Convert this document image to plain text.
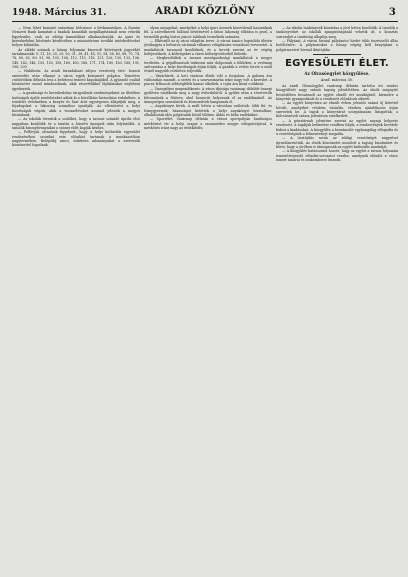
1948. Március 31.	ARADI KÖZLÖNY	3

— Nem lehet kamatot számítani kölcsönre a bérkamatokon. A Román Nemzeti Bank kamatait a bankok kamatláb megállapításánál nem vehetik figyelembe, csak az eddigi kamatlábat alkalmazhatják. Az ipari és kereskedelmi hitelezés kérdésében a minisztérium további intézkedéseket helyez kilátásba.

Az alábbi számok a hónap folyamán kisorsolt kötvények jegyzékét tartalmazzák: 9, 11, 16, 25, 29, 30, 31, 38, 41, 45, 51, 54, 56, 63, 68, 70, 74, 78, 80, 82, 89, 91, 96, 103, 108, 112, 115, 118, 121, 126, 130, 133, 136, 140, 142, 148, 150, 155, 158, 160, 163, 168, 171, 174, 180, 183, 188, 191, 196, 200.

— Halálozás. Az aradi társadalmat súlyos veszteség érte: hosszú szenvedés után elhunyt a város egyik közismert polgára. Temetése csütörtökön délután lesz a belvárosi temető kápolnájából. A gyászoló család köszönetet mond mindazoknak, akik részvétükkel fájdalmukat enyhíteni igyekeztek.

— A gazdasági és kereskedelmi tárgyalások eredményeként az illetékes hatóságok újabb rendeleteket adtak ki a közellátás biztosítása érdekében. A rendelet értelmében a kenyér és liszt árát egységesen állapítják meg, a fejadagokat a lakosság számához igazítják. Az ellenőrzést a helyi bizottságok végzik, akik a visszaéléseket azonnal jelentik a megyei hivatalnak.

— Az iskolák értesítik a szülőket, hogy a tavaszi szünidő április első napjaiban kezdődik és a tanítás a húsvéti ünnepek után folytatódik. A tanulók bizonyítványaikat a szünet előtt kapják kézhez.

— Felhívjuk olvasóink figyelmét, hogy a helyi kulturális egyesület rendezésében szombat este előadást tartanak a munkásotthon nagytermében. Belépődíj nincs, önkéntes adományokat a szervezők köszönettel fogadnak.

olyan anyagokat, amelyeket a helyi ipari üzemek közvetlenül használnak fel. A szövetkezeti hálózat bővítésével a falusi lakosság ellátása is javul, a termelők pedig biztos piacot találnak termékeik számára.

— Elkészült az új utcai világítás terve. A városi tanács legutóbbi ülésén jóváhagyta a belváros utcáinak villamos világítására vonatkozó tervezetet. A munkálatok tavasszal kezdődnek, és a tervek szerint az év végéig befejeződnek. A költségeket a város költségvetéséből fedezik.

— Megkezdődtek a tavaszi mezőgazdasági munkálatok a megye területén. A gépállomások traktorai már dolgoznak a földeken, a vetőmag szétosztása a helyi bizottságok útján folyik. A gazdák a vetési tervet a múlt évinél nagyobb területen teljesítik.

— Vásárhírek. A heti vásáron élénk volt a forgalom. A gabona ára változatlan maradt, a sertés és a szarvasmarha iránt nagy volt a kereslet. A piacra felhozott zöldségfélék hamar elkeltek, a tojás ára kissé csökkent.

— Ünnepélyes megemlékezés. A város ifjúsága vasárnap délelőtt ünnepi gyűlésen emlékezik meg a nagy évfordulóról. A gyűlés után a résztvevők felvonulnak a főtéren, ahol koszorút helyeznek el az emlékműnél. Az ünnepségen szavalatok és kórusművek hangzanak el.

— Anyakönyvi hírek. A múlt héten a városban születtek: több fiú- és leánygyermek; házasságot kötöttek a helyi anyakönyvi hivatalban; elhaláloztak idős polgáraink közül többen. Áldás és béke emlékükre.

— Sportélet. Vasárnap délután a városi sportpályán barátságos mérkőzést vív a helyi csapat a szomszédos megye válogatottjával. A mérkőzés iránt nagy az érdeklődés.

— Az iskolai tankönyvek kiosztása a jövő héten kezdődik. A tanulók a tankönyveket az iskolák igazgatóságánál vehetik át, a kiosztás sorrendjét a tanítóság állapítja meg.

— Pályázat. A városi hivatal pályázatot hirdet több tisztviselői állás betöltésére. A pályázatokat a hónap végéig kell benyújtani a polgármesteri hivatal iktatójába.

EGYESÜLETI ÉLET.
Az Olvasóegylet közgyűlése.
Arad, március 30.

Az aradi Olvasóegylet vasárnap délután tartotta évi rendes közgyűlését nagy számú tagság jelenlétében. Az elnök megnyitó beszédében beszámolt az egylet elmúlt évi munkájáról, kiemelve a könyvtár gyarapodását és a rendezett előadások sikerét.

— Az egylet könyvtára az elmúlt évben jelentős számú új kötettel bővült, amelyeket részben vásárlás, részben ajándékozás útján szereztek be. A tagok a könyvtárat szorgalmasan látogatták, a kölcsönzések száma jelentősen emelkedett.

— A pénztárnok jelentése szerint az egylet anyagi helyzete rendezett. A tagdíjak befizetése rendben folyik, a rendezvények bevétele fedezi a kiadásokat. A közgyűlés a beszámolót egyhangúlag elfogadta és a vezetőségnek a felmentvényt megadta.

— A tisztújítás során az eddigi vezetőséget nagyrészt újraválasztották. Az elnök köszönetet mondott a tagság bizalmáért és kérte, hogy a jövőben is támogassák az egylet kulturális munkáját.

— A közgyűlés határozatot hozott, hogy az egylet a tavasz folyamán ismeretterjesztő előadás-sorozatot rendez, amelynek előadói a város ismert tanárai és szakemberei lesznek.
